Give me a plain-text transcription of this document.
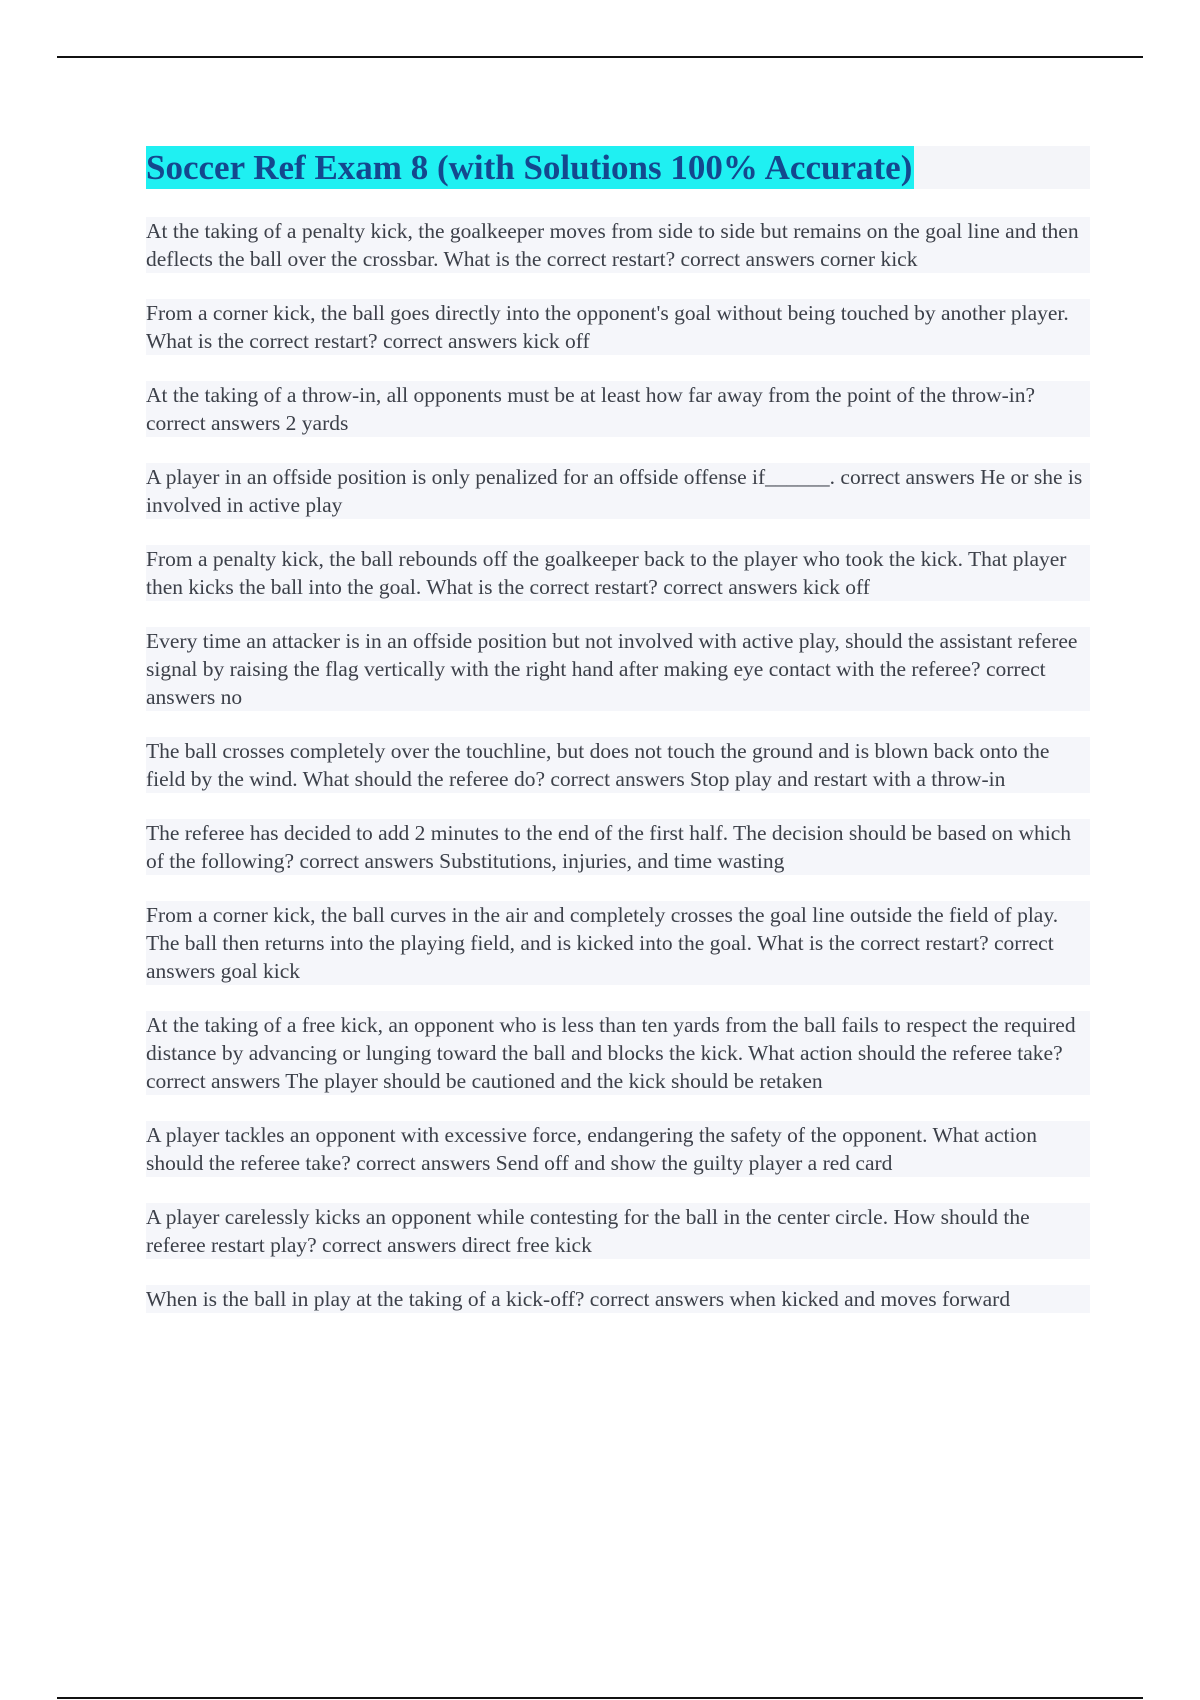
Soccer Ref Exam 8 (with Solutions 100% Accurate)

At the taking of a penalty kick, the goalkeeper moves from side to side but remains on the goal line and then deflects the ball over the crossbar. What is the correct restart? correct answers corner kick

From a corner kick, the ball goes directly into the opponent's goal without being touched by another player. What is the correct restart? correct answers kick off

At the taking of a throw-in, all opponents must be at least how far away from the point of the throw-in? correct answers 2 yards

A player in an offside position is only penalized for an offside offense if______. correct answers He or she is involved in active play

From a penalty kick, the ball rebounds off the goalkeeper back to the player who took the kick. That player then kicks the ball into the goal. What is the correct restart? correct answers kick off

Every time an attacker is in an offside position but not involved with active play, should the assistant referee signal by raising the flag vertically with the right hand after making eye contact with the referee? correct answers no

The ball crosses completely over the touchline, but does not touch the ground and is blown back onto the field by the wind. What should the referee do? correct answers Stop play and restart with a throw-in

The referee has decided to add 2 minutes to the end of the first half. The decision should be based on which of the following? correct answers Substitutions, injuries, and time wasting

From a corner kick, the ball curves in the air and completely crosses the goal line outside the field of play. The ball then returns into the playing field, and is kicked into the goal. What is the correct restart? correct answers goal kick

At the taking of a free kick, an opponent who is less than ten yards from the ball fails to respect the required distance by advancing or lunging toward the ball and blocks the kick. What action should the referee take? correct answers The player should be cautioned and the kick should be retaken

A player tackles an opponent with excessive force, endangering the safety of the opponent. What action should the referee take? correct answers Send off and show the guilty player a red card

A player carelessly kicks an opponent while contesting for the ball in the center circle. How should the referee restart play? correct answers direct free kick

When is the ball in play at the taking of a kick-off? correct answers when kicked and moves forward
